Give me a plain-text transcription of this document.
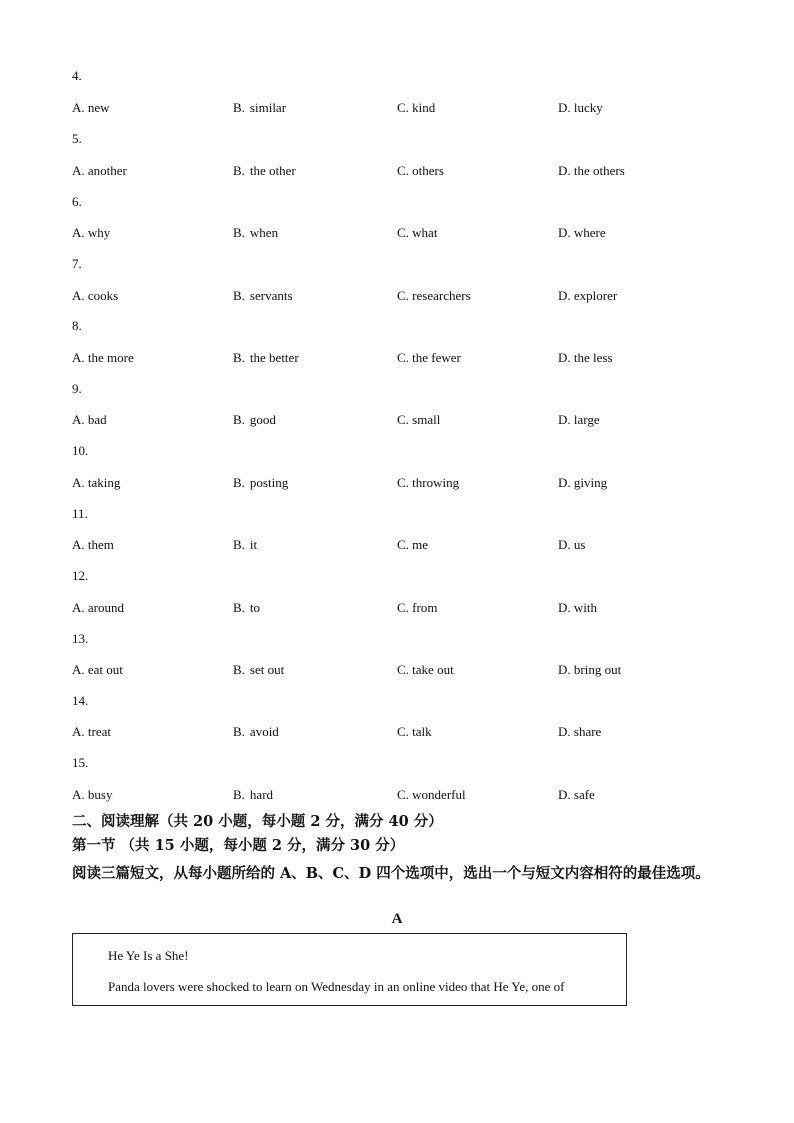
4.
A. new	B. similar	C. kind	D. lucky
5.
A. another	B. the other	C. others	D. the others
6.
A. why	B. when	C. what	D. where
7.
A. cooks	B. servants	C. researchers	D. explorer
8.
A. the more	B. the better	C. the fewer	D. the less
9.
A. bad	B. good	C. small	D. large
10.
A. taking	B. posting	C. throwing	D. giving
11.
A. them	B. it	C. me	D. us
12.
A. around	B. to	C. from	D. with
13.
A. eat out	B. set out	C. take out	D. bring out
14.
A. treat	B. avoid	C. talk	D. share
15.
A. busy	B. hard	C. wonderful	D. safe
二、阅读理解（共 20 小题，每小题 2 分，满分 40 分）
第一节 （共 15 小题，每小题 2 分，满分 30 分）
阅读三篇短文，从每小题所给的 A、B、C、D 四个选项中，选出一个与短文内容相符的最佳选项。
A
He Ye Is a She!
Panda lovers were shocked to learn on Wednesday in an online video that He Ye, one of
